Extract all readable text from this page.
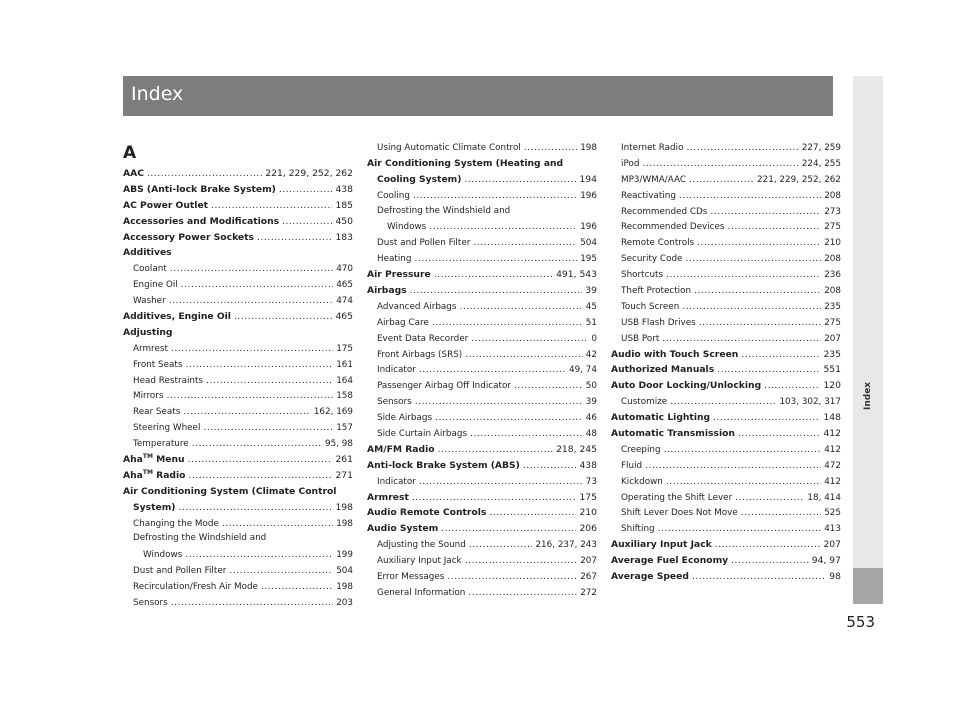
Index
Index
A
AAC .....	221, 229, 252, 262
ABS (Anti-lock Brake System) .....	438
AC Power Outlet .....	185
Accessories and Modifications .....	450
Accessory Power Sockets .....	183
Additives
Coolant .....	470
Engine Oil .....	465
Washer .....	474
Additives, Engine Oil .....	465
Adjusting
Armrest .....	175
Front Seats .....	161
Head Restraints .....	164
Mirrors .....	158
Rear Seats .....	162, 169
Steering Wheel .....	157
Temperature .....	95, 98
Aha™ Menu .....	261
Aha™ Radio .....	271
Air Conditioning System (Climate Control
System) .....	198
Changing the Mode .....	198
Defrosting the Windshield and
Windows .....	199
Dust and Pollen Filter .....	504
Recirculation/Fresh Air Mode .....	198
Sensors .....	203
Using Automatic Climate Control .....	198
Air Conditioning System (Heating and
Cooling System) .....	194
Cooling .....	196
Defrosting the Windshield and
Windows .....	196
Dust and Pollen Filter .....	504
Heating .....	195
Air Pressure .....	491, 543
Airbags .....	39
Advanced Airbags .....	45
Airbag Care .....	51
Event Data Recorder .....	0
Front Airbags (SRS) .....	42
Indicator .....	49, 74
Passenger Airbag Off Indicator .....	50
Sensors .....	39
Side Airbags .....	46
Side Curtain Airbags .....	48
AM/FM Radio .....	218, 245
Anti-lock Brake System (ABS) .....	438
Indicator .....	73
Armrest .....	175
Audio Remote Controls .....	210
Audio System .....	206
Adjusting the Sound .....	216, 237, 243
Auxiliary Input Jack .....	207
Error Messages .....	267
General Information .....	272
Internet Radio .....	227, 259
iPod .....	224, 255
MP3/WMA/AAC .....	221, 229, 252, 262
Reactivating .....	208
Recommended CDs .....	273
Recommended Devices .....	275
Remote Controls .....	210
Security Code .....	208
Shortcuts .....	236
Theft Protection .....	208
Touch Screen .....	235
USB Flash Drives .....	275
USB Port .....	207
Audio with Touch Screen .....	235
Authorized Manuals .....	551
Auto Door Locking/Unlocking .....	120
Customize .....	103, 302, 317
Automatic Lighting .....	148
Automatic Transmission .....	412
Creeping .....	412
Fluid .....	472
Kickdown .....	412
Operating the Shift Lever .....	18, 414
Shift Lever Does Not Move .....	525
Shifting .....	413
Auxiliary Input Jack .....	207
Average Fuel Economy .....	94, 97
Average Speed .....	98
553
